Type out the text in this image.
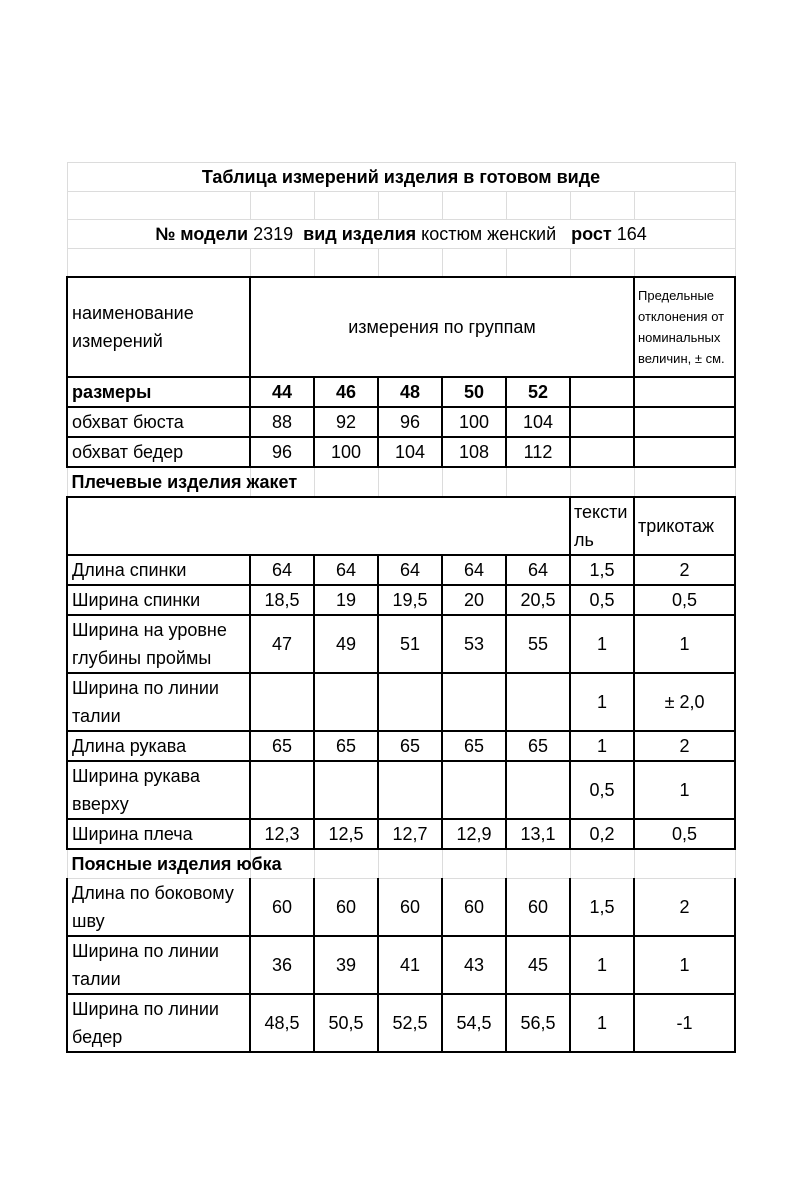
Таблица измерений изделия в готовом виде							

№ модели 2319 вид изделия костюм женский рост 164							

наименование измерений	измерения по группам						Предельные отклонения от номинальных величин, ± см.
размеры	44	46	48	50	52		
обхват бюста	88	92	96	100	104		
обхват бедер	96	100	104	108	112		
Плечевые изделия жакет							
						тексти ль	трикотаж
Длина спинки	64	64	64	64	64	1,5	2
Ширина спинки	18,5	19	19,5	20	20,5	0,5	0,5
Ширина на уровне глубины проймы	47	49	51	53	55	1	1
Ширина по линии талии						1	± 2,0
Длина рукава	65	65	65	65	65	1	2
Ширина рукава вверху						0,5	1
Ширина плеча	12,3	12,5	12,7	12,9	13,1	0,2	0,5
Поясные изделия юбка							
Длина по боковому шву	60	60	60	60	60	1,5	2
Ширина по линии талии	36	39	41	43	45	1	1
Ширина по линии бедер	48,5	50,5	52,5	54,5	56,5	1	-1
